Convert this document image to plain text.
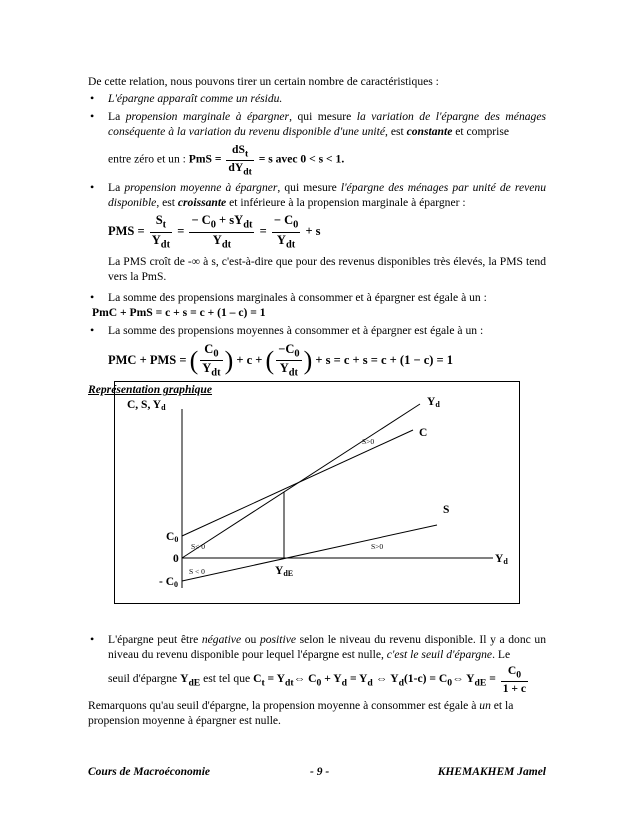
De cette relation, nous pouvons tirer un certain nombre de caractéristiques :

• L'épargne apparaît comme un résidu.
• La propension marginale à épargner, qui mesure la variation de l'épargne des ménages conséquente à la variation du revenu disponible d'une unité, est constante et comprise
entre zéro et un : PmS = $\frac{dS_t}{dY_{dt}} = s$ avec 0 < s < 1.
• La propension moyenne à épargner, qui mesure l'épargne des ménages par unité de revenu disponible, est croissante et inférieure à la propension marginale à épargner :
PMS = $\frac{S_t}{Y_{dt}} = \frac{- C_0 + sY_{dt}}{Y_{dt}} = \frac{- C_0}{Y_{dt}} + s$
La PMS croît de -∞ à s, c'est-à-dire que pour des revenus disponibles très élevés, la PMS tend vers la PmS.
• La somme des propensions marginales à consommer et à épargner est égale à un :
PmC + PmS = c + s = c + (1 – c) = 1
• La somme des propensions moyennes à consommer et à épargner est égale à un :
PMC + PMS = ( $\frac{C_0}{Y_{dt}}$ ) + c + ( $\frac{-C_0}{Y_{dt}}$ ) + s = c + s = c + (1 − c) = 1
Représentation graphique
C, S, Yd	Yd
C
S
Yd
C0
0
- C0
YdE
S>0
S>0
S< 0
S < 0
• L'épargne peut être négative ou positive selon le niveau du revenu disponible. Il y a donc un niveau du revenu disponible pour lequel l'épargne est nulle, c'est le seuil d'épargne. Le
seuil d'épargne $Y_{dE}$ est tel que $C_t$ = $Y_{dt}\Leftrightarrow$ $C_0 + Y_d = Y_d$ ⇔ $Y_d(1-c)$ = $C_0\Leftrightarrow$ $Y_{dE} = \frac{C_0}{1 + c}$

Remarquons qu'au seuil d'épargne, la propension moyenne à consommer est égale à un et la propension moyenne à épargner est nulle.

Cours de Macroéconomie	- 9 -	KHEMAKHEM Jamel
